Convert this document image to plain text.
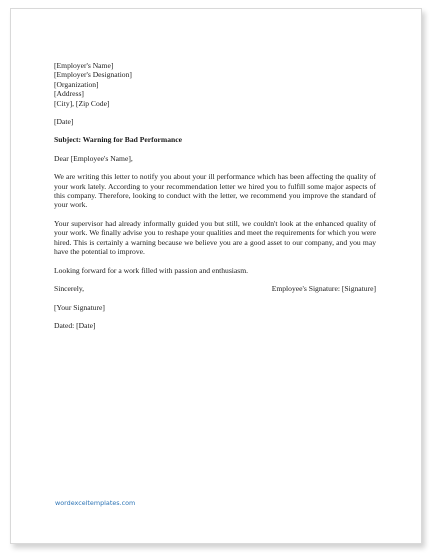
[Employer's Name]
[Employer's Designation]
[Organization]
[Address]
[City], [Zip Code]
[Date]
Subject: Warning for Bad Performance
Dear [Employee's Name],

We are writing this letter to notify you about your ill performance which has been affecting the quality of your work lately. According to your recommendation letter we hired you to fulfill some major aspects of this company. Therefore, looking to conduct with the letter, we recommend you improve the standard of your work.

Your supervisor had already informally guided you but still, we couldn't look at the enhanced quality of your work. We finally advise you to reshape your qualities and meet the requirements for which you were hired. This is certainly a warning because we believe you are a good asset to our company, and you may have the potential to improve.

Looking forward for a work filled with passion and enthusiasm.

Sincerely,	Employee's Signature: [Signature]
[Your Signature]
Dated: [Date]
wordexceltemplates.com
